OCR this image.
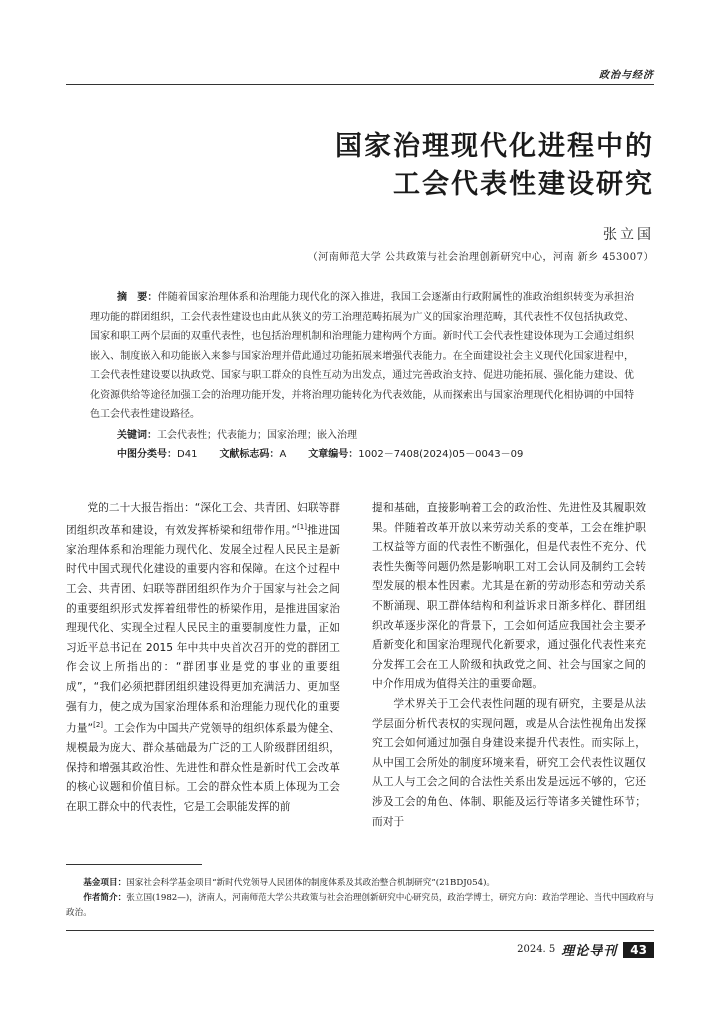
政治与经济
国家治理现代化进程中的
工会代表性建设研究
张立国
（河南师范大学 公共政策与社会治理创新研究中心，河南 新乡 453007）
摘　要：伴随着国家治理体系和治理能力现代化的深入推进，我国工会逐渐由行政附属性的准政治组织转变为承担治理功能的群团组织，工会代表性建设也由此从狭义的劳工治理范畴拓展为广义的国家治理范畴，其代表性不仅包括执政党、国家和职工两个层面的双重代表性，也包括治理机制和治理能力建构两个方面。新时代工会代表性建设体现为工会通过组织嵌入、制度嵌入和功能嵌入来参与国家治理并借此通过功能拓展来增强代表能力。在全面建设社会主义现代化国家进程中，工会代表性建设要以执政党、国家与职工群众的良性互动为出发点，通过完善政治支持、促进功能拓展、强化能力建设、优化资源供给等途径加强工会的治理功能开发，并将治理功能转化为代表效能，从而探索出与国家治理现代化相协调的中国特色工会代表性建设路径。
关键词：工会代表性；代表能力；国家治理；嵌入治理
中图分类号：D41 文献标志码：A 文章编号：1002－7408(2024)05－0043－09

党的二十大报告指出：“深化工会、共青团、妇联等群团组织改革和建设，有效发挥桥梁和纽带作用。”[1]推进国家治理体系和治理能力现代化、发展全过程人民民主是新时代中国式现代化建设的重要内容和保障。在这个过程中工会、共青团、妇联等群团组织作为介于国家与社会之间的重要组织形式发挥着纽带性的桥梁作用，是推进国家治理现代化、实现全过程人民民主的重要制度性力量，正如习近平总书记在 2015 年中共中央首次召开的党的群团工作会议上所指出的：“群团事业是党的事业的重要组成”，“我们必须把群团组织建设得更加充满活力、更加坚强有力，使之成为国家治理体系和治理能力现代化的重要力量”[2]。工会作为中国共产党领导的组织体系最为健全、规模最为庞大、群众基础最为广泛的工人阶级群团组织，保持和增强其政治性、先进性和群众性是新时代工会改革的核心议题和价值目标。工会的群众性本质上体现为工会在职工群众中的代表性，它是工会职能发挥的前

提和基础，直接影响着工会的政治性、先进性及其履职效果。伴随着改革开放以来劳动关系的变革，工会在维护职工权益等方面的代表性不断强化，但是代表性不充分、代表性失衡等问题仍然是影响职工对工会认同及制约工会转型发展的根本性因素。尤其是在新的劳动形态和劳动关系不断涌现、职工群体结构和利益诉求日渐多样化、群团组织改革逐步深化的背景下，工会如何适应我国社会主要矛盾新变化和国家治理现代化新要求，通过强化代表性来充分发挥工会在工人阶级和执政党之间、社会与国家之间的中介作用成为值得关注的重要命题。

学术界关于工会代表性问题的现有研究，主要是从法学层面分析代表权的实现问题，或是从合法性视角出发探究工会如何通过加强自身建设来提升代表性。而实际上，从中国工会所处的制度环境来看，研究工会代表性议题仅从工人与工会之间的合法性关系出发是远远不够的，它还涉及工会的角色、体制、职能及运行等诸多关键性环节；而对于

基金项目：国家社会科学基金项目“新时代党领导人民团体的制度体系及其政治整合机制研究”(21BDJ054)。

作者简介：张立国(1982—)，济南人，河南师范大学公共政策与社会治理创新研究中心研究员，政治学博士，研究方向：政治学理论、当代中国政府与政治。

2024. 5 理论导刊	43
